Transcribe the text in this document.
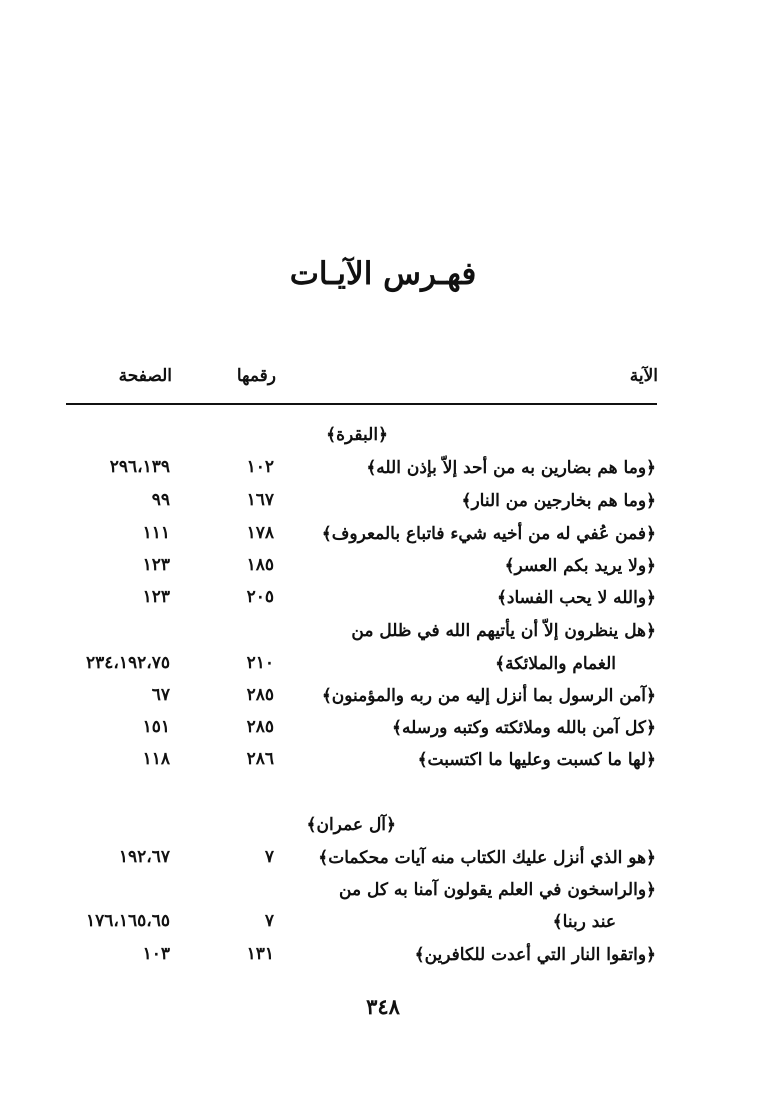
فهـرس الآيـات
الآية
رقمها
الصفحة
﴿البقرة﴾
﴿وما هم بضارين به من أحد إلاّ بإذن الله﴾
١٠٢
٢٩٦،١٣٩
﴿وما هم بخارجين من النار﴾
١٦٧
٩٩
﴿فمن عُفي له من أخيه شيء فاتباع بالمعروف﴾
١٧٨
١١١
﴿ولا يريد بكم العسر﴾
١٨٥
١٢٣
﴿والله لا يحب الفساد﴾
٢٠٥
١٢٣
﴿هل ينظرون إلاّ أن يأتيهم الله في ظلل من
الغمام والملائكة﴾
٢١٠
٢٣٤،١٩٢،٧٥
﴿آمن الرسول بما أنزل إليه من ربه والمؤمنون﴾
٢٨٥
٦٧
﴿كل آمن بالله وملائكته وكتبه ورسله﴾
٢٨٥
١٥١
﴿لها ما كسبت وعليها ما اكتسبت﴾
٢٨٦
١١٨
﴿آل عمران﴾
﴿هو الذي أنزل عليك الكتاب منه آيات محكمات﴾
٧
١٩٢،٦٧
﴿والراسخون في العلم يقولون آمنا به كل من
عند ربنا﴾
٧
١٧٦،١٦٥،٦٥
﴿واتقوا النار التي أعدت للكافرين﴾
١٣١
١٠٣
٣٤٨
